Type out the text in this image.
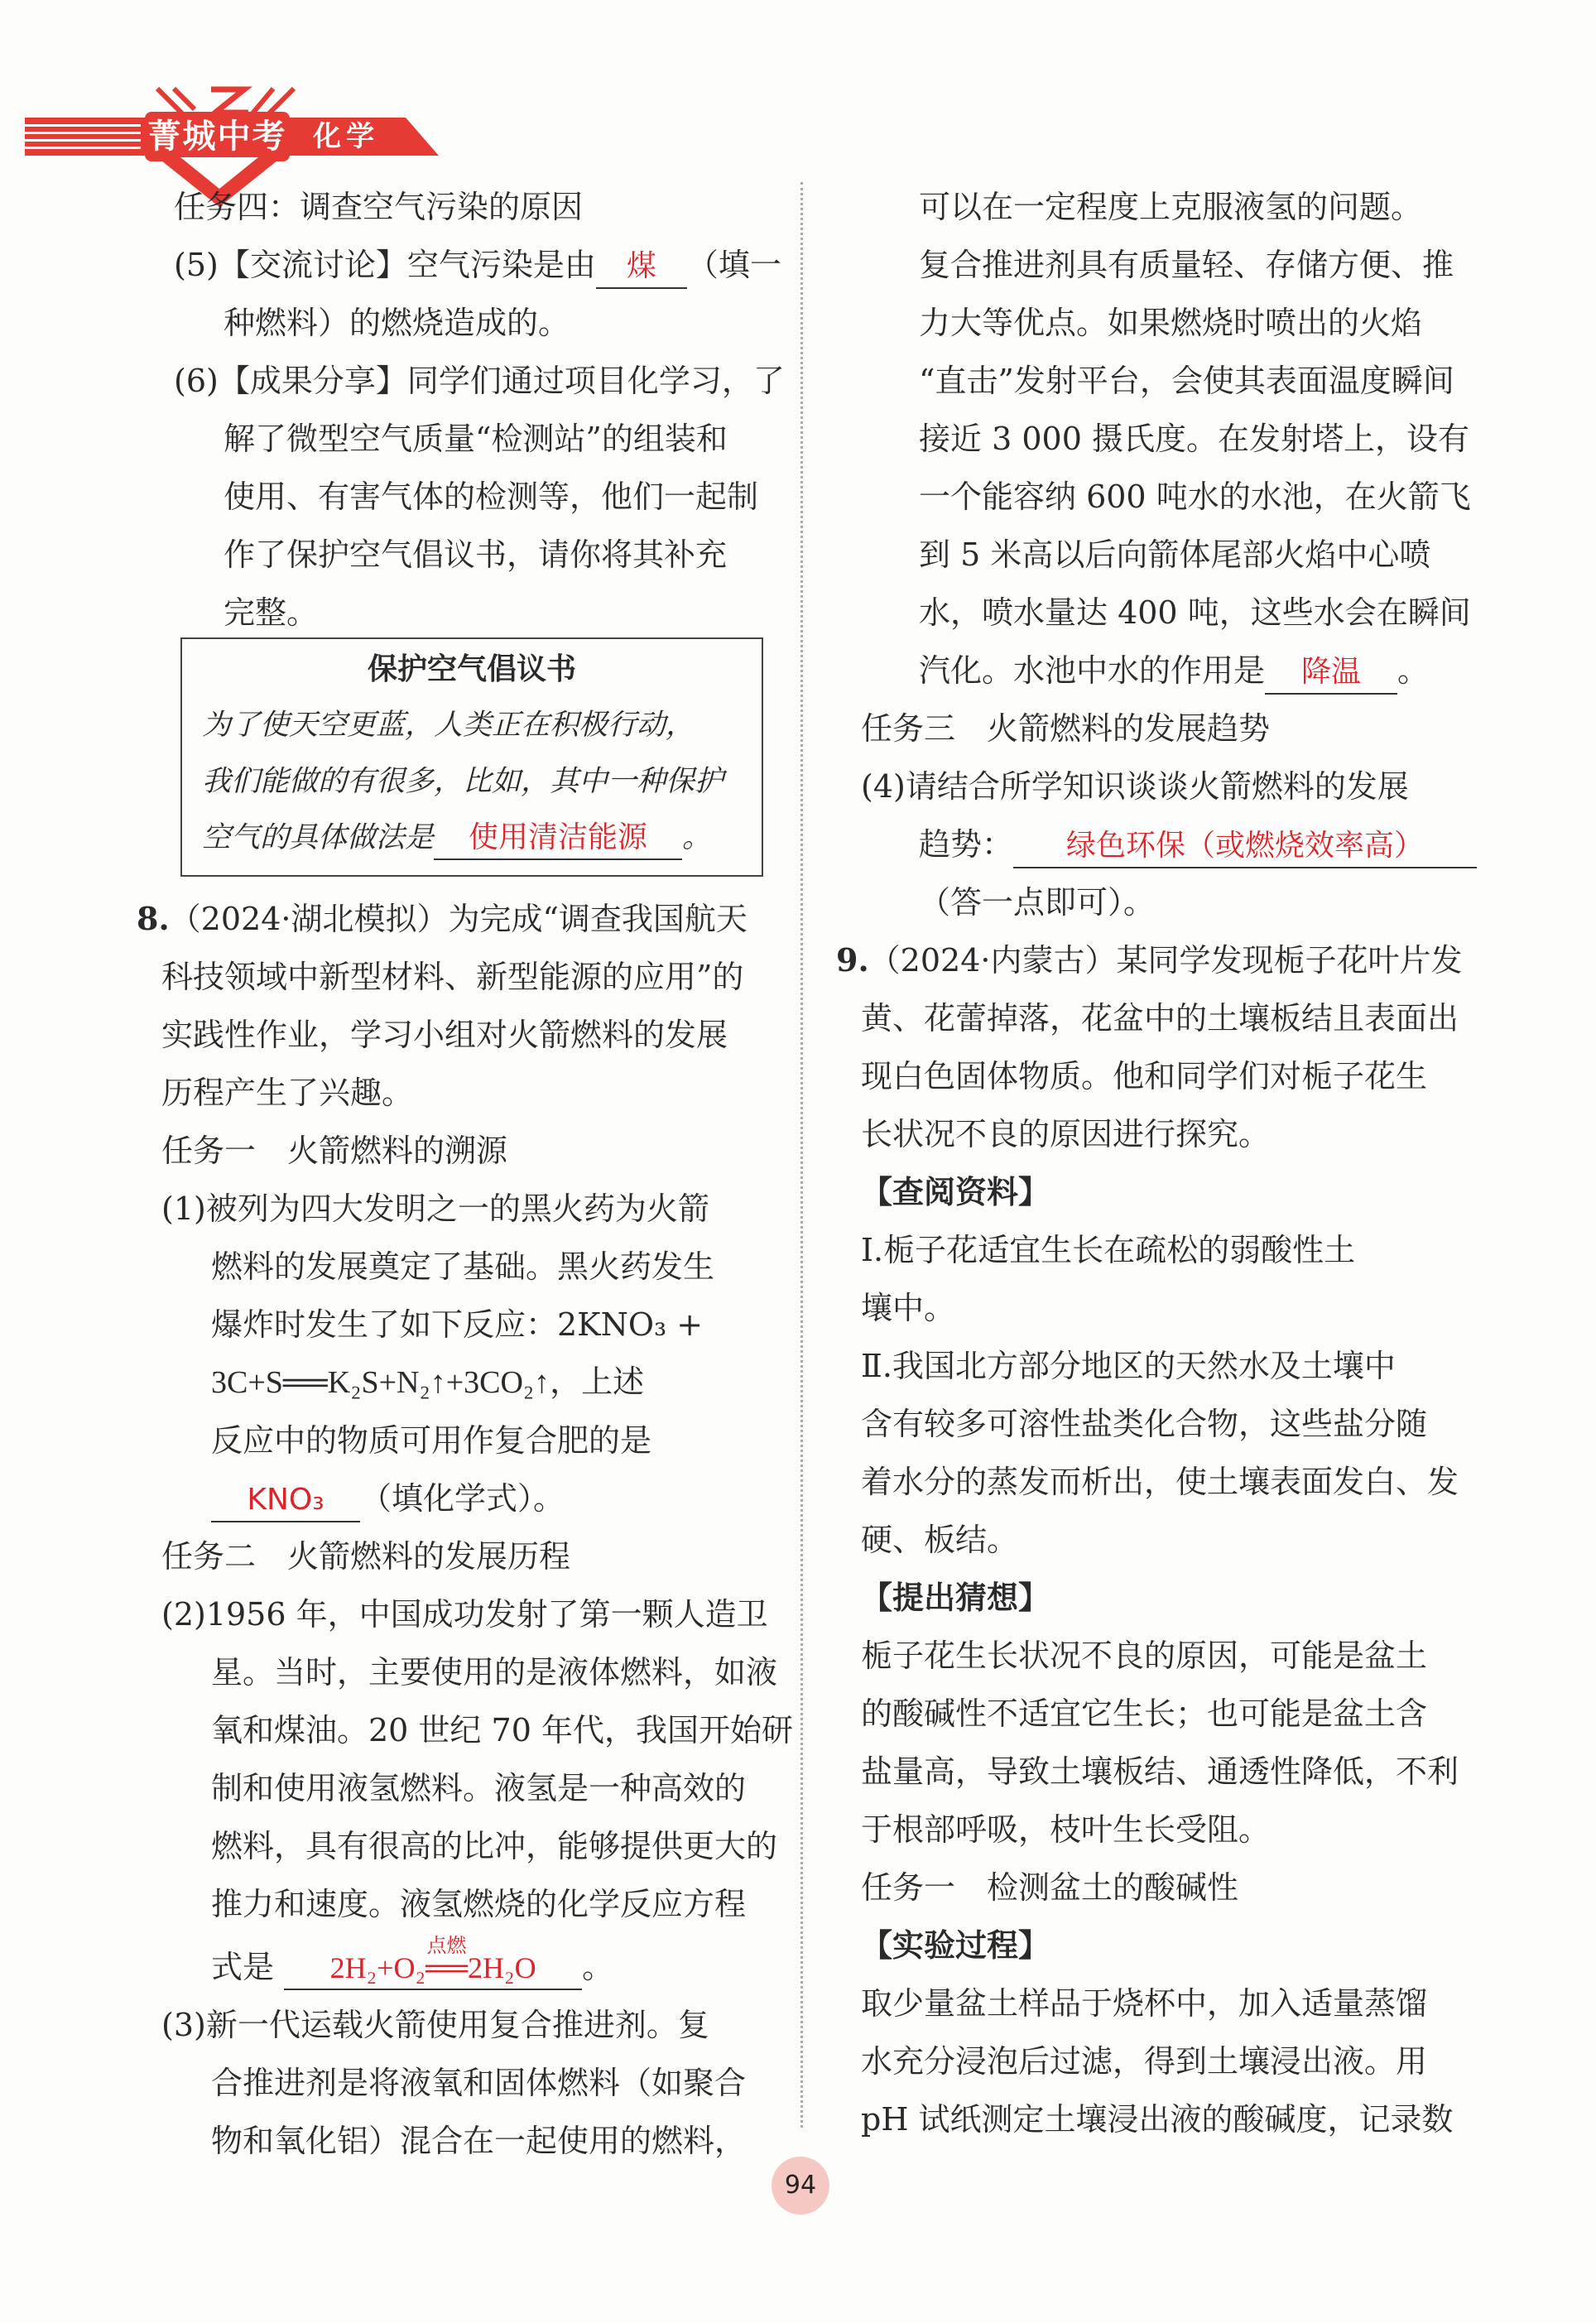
菁城中考 化学
任务四：调查空气污染的原因
(5)【交流讨论】空气污染是由 煤 （填一
种燃料）的燃烧造成的。
(6)【成果分享】同学们通过项目化学习，了
解了微型空气质量“检测站”的组装和
使用、有害气体的检测等，他们一起制
作了保护空气倡议书，请你将其补充
完整。
保护空气倡议书
为了使天空更蓝，人类正在积极行动，
我们能做的有很多，比如，其中一种保护
空气的具体做法是 使用清洁能源 。
8.（2024·湖北模拟）为完成“调查我国航天
科技领域中新型材料、新型能源的应用”的
实践性作业，学习小组对火箭燃料的发展
历程产生了兴趣。
任务一　火箭燃料的溯源
(1)被列为四大发明之一的黑火药为火箭
燃料的发展奠定了基础。黑火药发生
爆炸时发生了如下反应：2KNO₃ +
3C+S══K₂S+N₂↑+3CO₂↑，上述
反应中的物质可用作复合肥的是
KNO₃ （填化学式）。
任务二　火箭燃料的发展历程
(2)1956 年，中国成功发射了第一颗人造卫
星。当时，主要使用的是液体燃料，如液
氧和煤油。20 世纪 70 年代，我国开始研
制和使用液氢燃料。液氢是一种高效的
燃料，具有很高的比冲，能够提供更大的
推力和速度。液氢燃烧的化学反应方程
式是 2H₂+O₂══
点燃
2H₂O 。
(3)新一代运载火箭使用复合推进剂。复
合推进剂是将液氧和固体燃料（如聚合
物和氧化铝）混合在一起使用的燃料，
可以在一定程度上克服液氢的问题。
复合推进剂具有质量轻、存储方便、推
力大等优点。如果燃烧时喷出的火焰
“直击”发射平台，会使其表面温度瞬间
接近 3 000 摄氏度。在发射塔上，设有
一个能容纳 600 吨水的水池，在火箭飞
到 5 米高以后向箭体尾部火焰中心喷
水，喷水量达 400 吨，这些水会在瞬间
汽化。水池中水的作用是 降温 。
任务三　火箭燃料的发展趋势
(4)请结合所学知识谈谈火箭燃料的发展
趋势： 绿色环保（或燃烧效率高）
（答一点即可）。
9.（2024·内蒙古）某同学发现栀子花叶片发
黄、花蕾掉落，花盆中的土壤板结且表面出
现白色固体物质。他和同学们对栀子花生
长状况不良的原因进行探究。
【查阅资料】
Ⅰ.栀子花适宜生长在疏松的弱酸性土
壤中。
Ⅱ.我国北方部分地区的天然水及土壤中
含有较多可溶性盐类化合物，这些盐分随
着水分的蒸发而析出，使土壤表面发白、发
硬、板结。
【提出猜想】
栀子花生长状况不良的原因，可能是盆土
的酸碱性不适宜它生长；也可能是盆土含
盐量高，导致土壤板结、通透性降低，不利
于根部呼吸，枝叶生长受阻。
任务一　检测盆土的酸碱性
【实验过程】
取少量盆土样品于烧杯中，加入适量蒸馏
水充分浸泡后过滤，得到土壤浸出液。用
pH 试纸测定土壤浸出液的酸碱度，记录数
94
